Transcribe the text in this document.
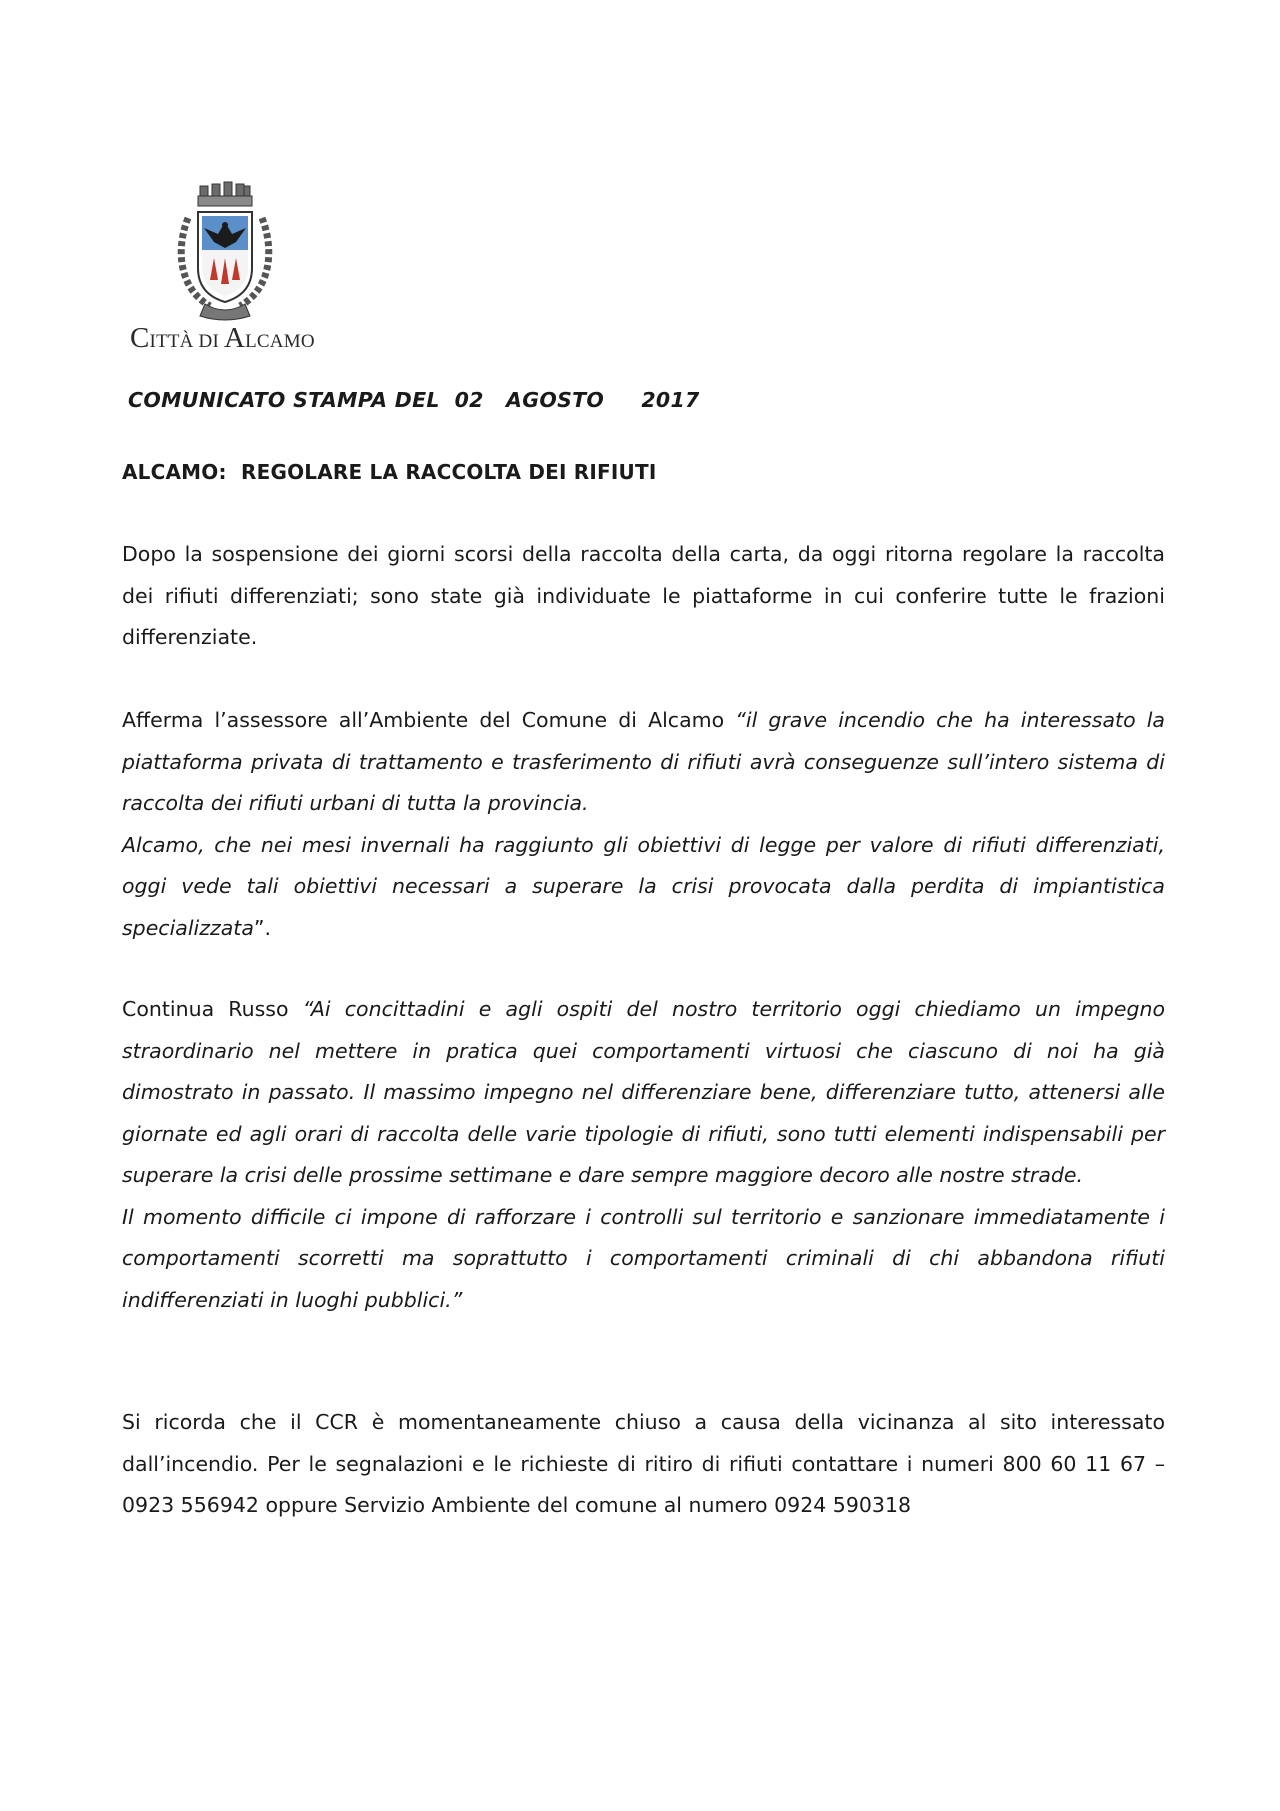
CITTÀ DI ALCAMO
COMUNICATO STAMPA DEL  02   AGOSTO     2017
ALCAMO:  REGOLARE LA RACCOLTA DEI RIFIUTI

Dopo la sospensione dei giorni scorsi della raccolta della carta, da oggi ritorna regolare la raccolta dei rifiuti differenziati; sono state già individuate le piattaforme in cui conferire tutte le frazioni differenziate.

Afferma l’assessore all’Ambiente del Comune di Alcamo “il grave incendio che ha interessato la piattaforma privata di trattamento e trasferimento di rifiuti avrà conseguenze sull’intero sistema di raccolta dei rifiuti urbani di tutta la provincia.

Alcamo, che nei mesi invernali ha raggiunto gli obiettivi di legge per valore di rifiuti differenziati, oggi vede tali obiettivi necessari a superare la crisi provocata dalla perdita di impiantistica specializzata”.

Continua Russo “Ai concittadini e agli ospiti del nostro territorio oggi chiediamo un impegno straordinario nel mettere in pratica quei comportamenti virtuosi che ciascuno di noi ha già dimostrato in passato. Il massimo impegno nel differenziare bene, differenziare tutto, attenersi alle giornate ed agli orari di raccolta delle varie tipologie di rifiuti, sono tutti elementi indispensabili per superare la crisi delle prossime settimane e dare sempre maggiore decoro alle nostre strade.

Il momento difficile ci impone di rafforzare i controlli sul territorio e sanzionare immediatamente i comportamenti scorretti ma soprattutto i comportamenti criminali di chi abbandona rifiuti indifferenziati in luoghi pubblici.”

Si ricorda che il CCR è momentaneamente chiuso a causa della vicinanza al sito interessato dall’incendio. Per le segnalazioni e le richieste di ritiro di rifiuti contattare i numeri 800 60 11 67 – 0923 556942 oppure Servizio Ambiente del comune al numero 0924 590318
